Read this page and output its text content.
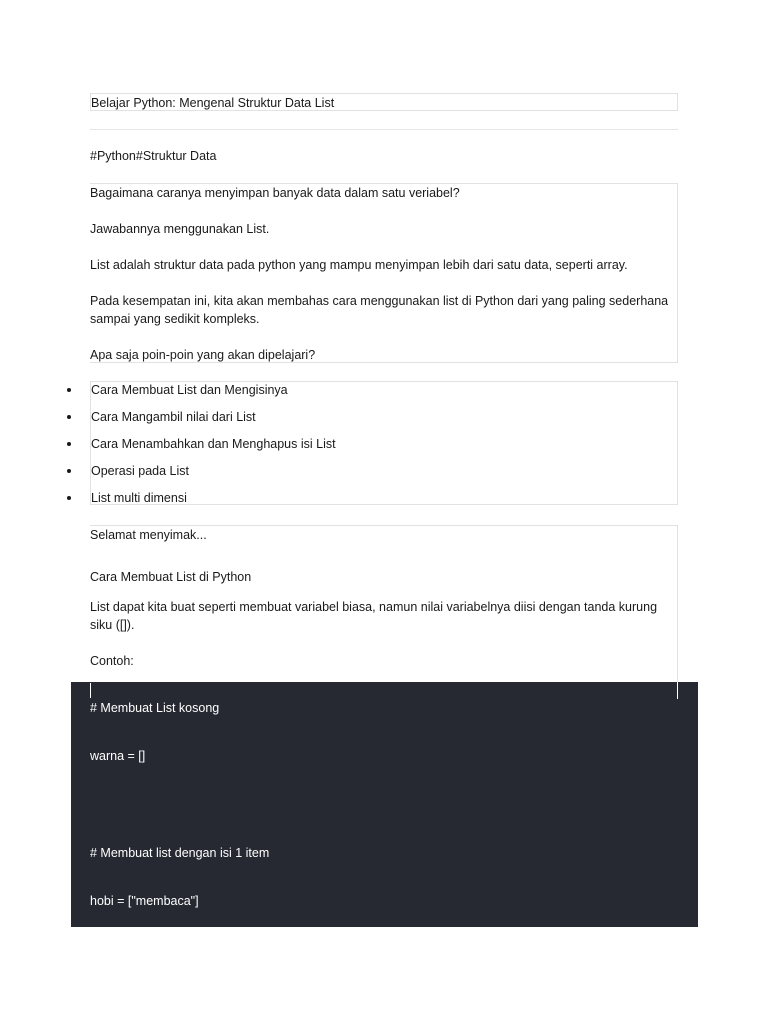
Belajar Python: Mengenal Struktur Data List
#Python#Struktur Data

Bagaimana caranya menyimpan banyak data dalam satu veriabel?

Jawabannya menggunakan List.

List adalah struktur data pada python yang mampu menyimpan lebih dari satu data, seperti array.

Pada kesempatan ini, kita akan membahas cara menggunakan list di Python dari yang paling sederhana sampai yang sedikit kompleks.

Apa saja poin-poin yang akan dipelajari?

Cara Membuat List dan Mengisinya
Cara Mangambil nilai dari List
Cara Menambahkan dan Menghapus isi List
Operasi pada List
List multi dimensi

Selamat menyimak...

Cara Membuat List di Python

List dapat kita buat seperti membuat variabel biasa, namun nilai variabelnya diisi dengan tanda kurung siku ([]).

Contoh:

# Membuat List kosong
warna = []
# Membuat list dengan isi 1 item
hobi = ["membaca"]
